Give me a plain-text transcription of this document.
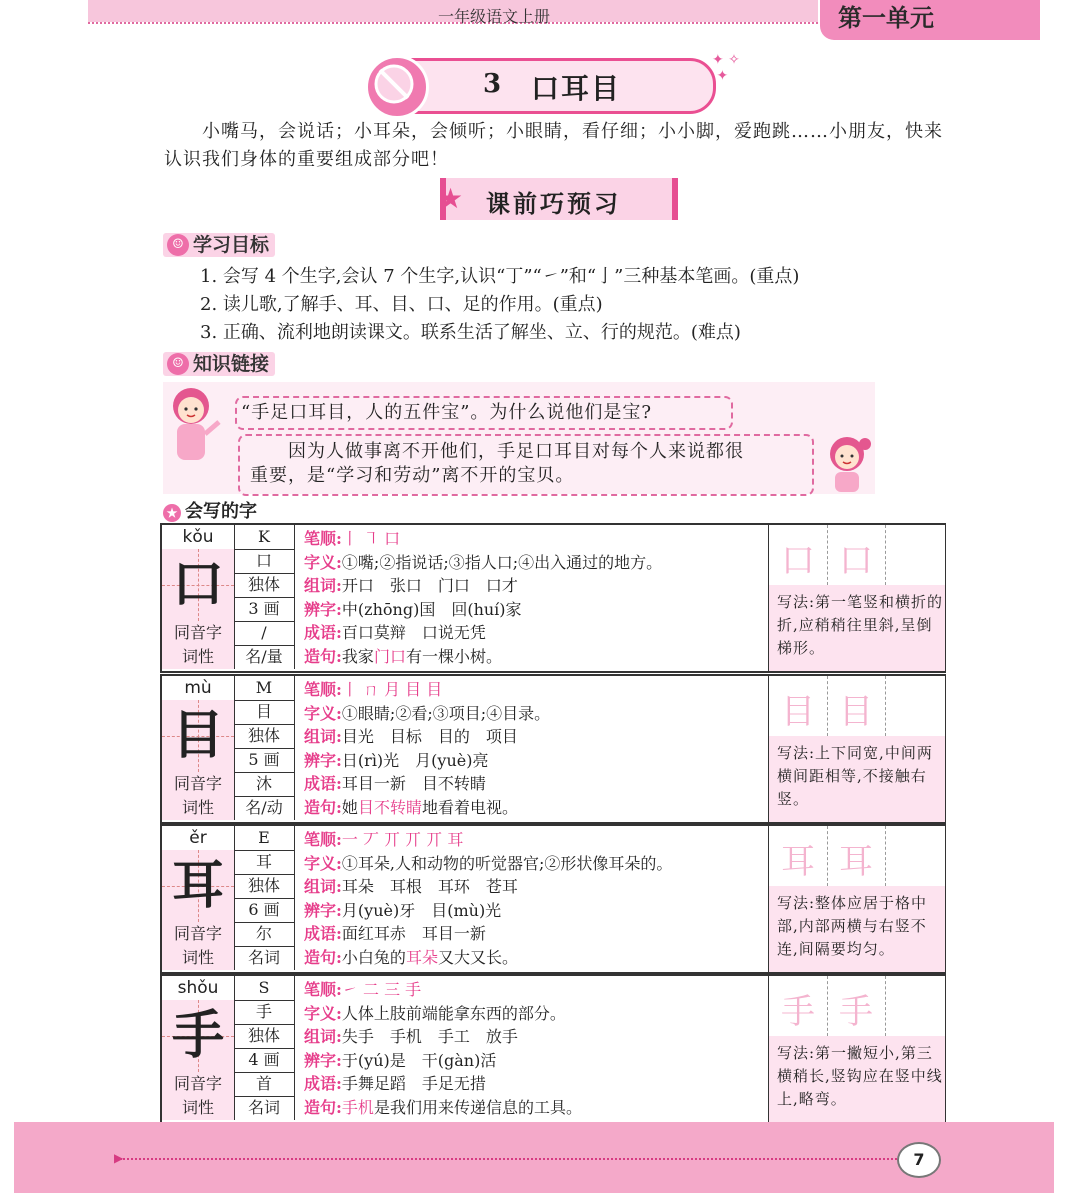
一年级语文上册	第一单元
3 口耳目
✦ ✧
✦
小嘴马，会说话；小耳朵，会倾听；小眼睛，看仔细；小小脚，爱跑跳……小朋友，快来认识我们身体的重要组成部分吧！
★ 课前巧预习
☺ 学习目标
1. 会写 4 个生字,会认 7 个生字,认识“丁”“㇀”和“亅”三种基本笔画。(重点)
2. 读儿歌,了解手、耳、目、口、足的作用。(重点)
3. 正确、流利地朗读课文。联系生活了解坐、立、行的规范。(难点)
☺ 知识链接
“手足口耳目，人的五件宝”。为什么说他们是宝?
因为人做事离不开他们，手足口耳目对每个人来说都很
重要，是“学习和劳动”离不开的宝贝。
★ 会写的字
kǒu	K
口	口
独体
3 画
同音字	/
词性	名/量
笔顺:丨 ㇕ 口
字义:①嘴;②指说话;③指人口;④出入通过的地方。
组词:开口　张口　门口　口才
辨字:中(zhōng)国　回(huí)家
成语:百口莫辩　口说无凭
造句:我家门口有一棵小树。
口 口
写法:第一笔竖和横折的折,应稍稍往里斜,呈倒梯形。
mù	M
目	目
独体
5 画
同音字	沐
词性	名/动
笔顺:丨 ㄇ 月 目 目
字义:①眼睛;②看;③项目;④目录。
组词:目光　目标　目的　项目
辨字:日(rì)光　月(yuè)亮
成语:耳目一新　目不转睛
造句:她目不转睛地看着电视。
目 目
写法:上下同宽,中间两横间距相等,不接触右竖。
ěr	E
耳	耳
独体
6 画
同音字	尔
词性	名词
笔顺:一 丆 丌 丌 丌 耳
字义:①耳朵,人和动物的听觉器官;②形状像耳朵的。
组词:耳朵　耳根　耳环　苍耳
辨字:月(yuè)牙　目(mù)光
成语:面红耳赤　耳目一新
造句:小白兔的耳朵又大又长。
耳 耳
写法:整体应居于格中部,内部两横与右竖不连,间隔要均匀。
shǒu	S
手	手
独体
4 画
同音字	首
词性	名词
笔顺:㇀ 二 三 手
字义:人体上肢前端能拿东西的部分。
组词:失手　手机　手工　放手
辨字:于(yú)是　干(gàn)活
成语:手舞足蹈　手足无措
造句:手机是我们用来传递信息的工具。
手 手
写法:第一撇短小,第三横稍长,竖钩应在竖中线上,略弯。
▶	7
